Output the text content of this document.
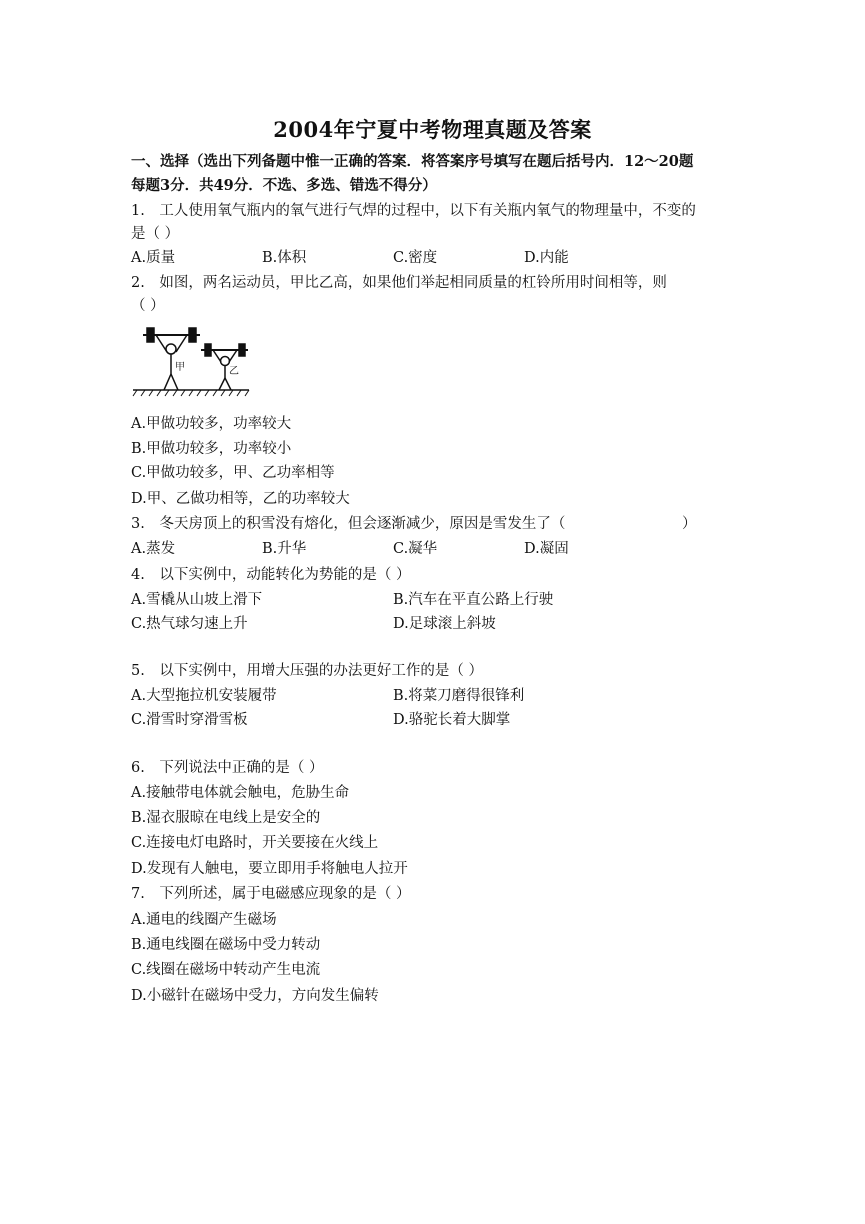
2004年宁夏中考物理真题及答案
一、选择（选出下列备题中惟一正确的答案．将答案序号填写在题后括号内．12～20题
每题3分．共49分．不选、多选、错选不得分）
1.　工人使用氧气瓶内的氧气进行气焊的过程中，以下有关瓶内氧气的物理量中，不变的
是（ ）
A.质量	B.体积	C.密度	D.内能
2.　如图，两名运动员，甲比乙高，如果他们举起相同质量的杠铃所用时间相等，则
（ ）
甲	乙
A.甲做功较多，功率较大
B.甲做功较多，功率较小
C.甲做功较多，甲、乙功率相等
D.甲、乙做功相等，乙的功率较大
3.　冬天房顶上的积雪没有熔化，但会逐渐减少，原因是雪发生了（	）
A.蒸发	B.升华	C.凝华	D.凝固
4.　以下实例中，动能转化为势能的是（ ）
A.雪橇从山坡上滑下	B.汽车在平直公路上行驶
C.热气球匀速上升	D.足球滚上斜坡
5.　以下实例中，用增大压强的办法更好工作的是（ ）
A.大型拖拉机安装履带	B.将菜刀磨得很锋利
C.滑雪时穿滑雪板	D.骆驼长着大脚掌
6.　下列说法中正确的是（ ）
A.接触带电体就会触电，危胁生命
B.湿衣服晾在电线上是安全的
C.连接电灯电路时，开关要接在火线上
D.发现有人触电，要立即用手将触电人拉开
7.　下列所述，属于电磁感应现象的是（ ）
A.通电的线圈产生磁场
B.通电线圈在磁场中受力转动
C.线圈在磁场中转动产生电流
D.小磁针在磁场中受力，方向发生偏转
